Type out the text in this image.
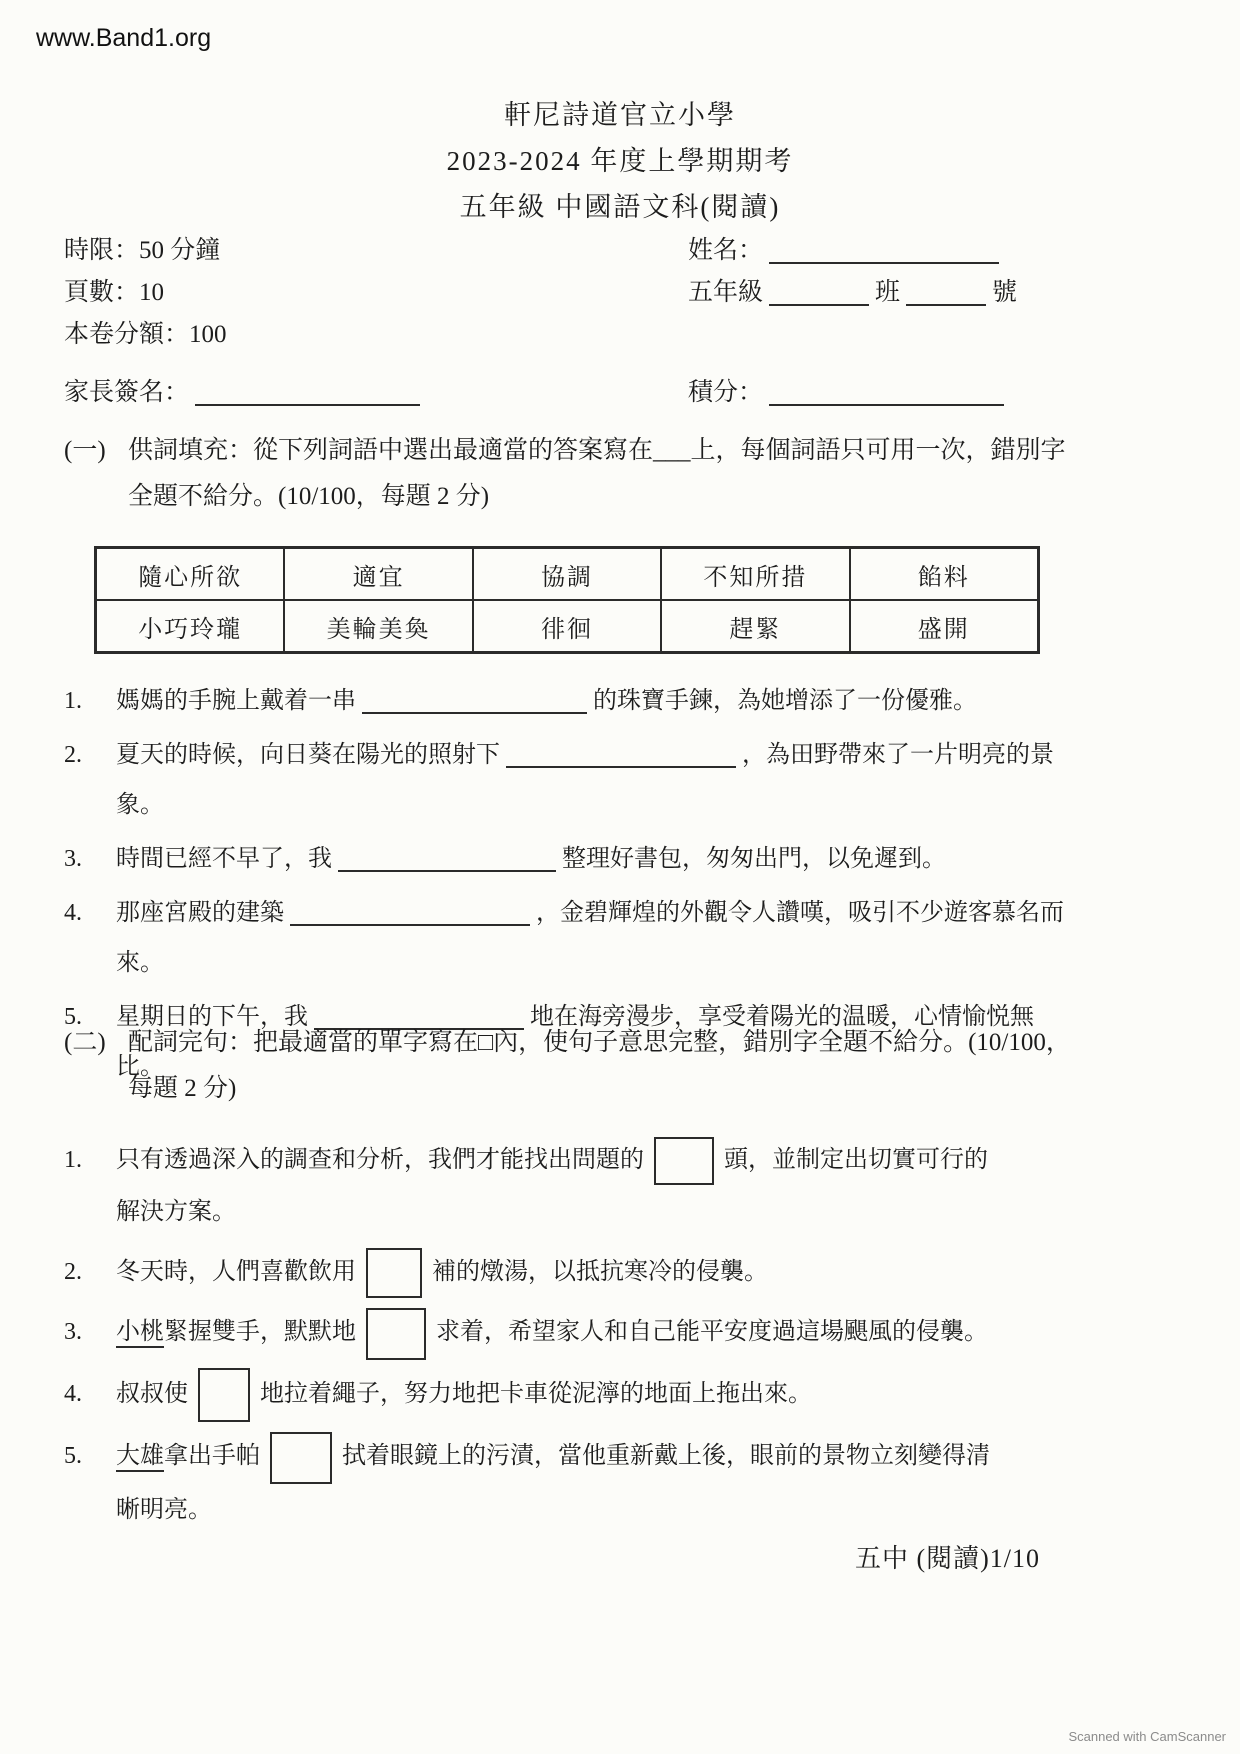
www.Band1.org
軒尼詩道官立小學
2023-2024 年度上學期期考
五年級 中國語文科(閱讀)
時限：50 分鐘
頁數：10
本卷分額：100
姓名：
五年級	班	號
家長簽名：	積分：
(一) 供詞填充：從下列詞語中選出最適當的答案寫在___上，每個詞語只可用一次，錯別字全題不給分。(10/100，每題 2 分)
隨心所欲	適宜	協調	不知所措	餡料
小巧玲瓏	美輪美奐	徘徊	趕緊	盛開
1.	媽媽的手腕上戴着一串	的珠寶手鍊，為她增添了一份優雅。
2.	夏天的時候，向日葵在陽光的照射下	，為田野帶來了一片明亮的景象。
3.	時間已經不早了，我	整理好書包，匆匆出門，以免遲到。
4.	那座宮殿的建築	，金碧輝煌的外觀令人讚嘆，吸引不少遊客慕名而來。
5.	星期日的下午，我	地在海旁漫步，享受着陽光的温暖，心情愉悦無比。
(二) 配詞完句：把最適當的單字寫在□內，使句子意思完整，錯別字全題不給分。(10/100，每題 2 分)
1.	只有透過深入的調查和分析，我們才能找出問題的	頭，並制定出切實可行的解決方案。
2.	冬天時，人們喜歡飲用	補的燉湯，以抵抗寒冷的侵襲。
3.	小桃緊握雙手，默默地	求着，希望家人和自己能平安度過這場颶風的侵襲。
4.	叔叔使	地拉着繩子，努力地把卡車從泥濘的地面上拖出來。
5.	大雄拿出手帕	拭着眼鏡上的污漬，當他重新戴上後，眼前的景物立刻變得清晰明亮。
五中 (閱讀)1/10
Scanned with CamScanner
